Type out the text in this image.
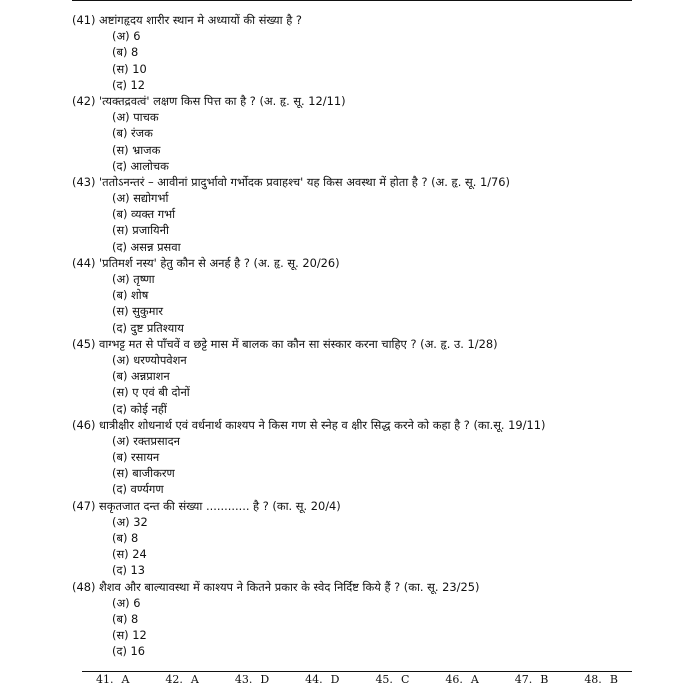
(41) अष्टांगहृदय शारीर स्थान मे अध्यायों की संख्या है ?
(अ) 6
(ब) 8
(स) 10
(द) 12
(42) 'त्यक्तद्रवत्वं' लक्षण किस पित्त का है ? (अ. हृ. सू. 12/11)
(अ) पाचक
(ब) रंजक
(स) भ्राजक
(द) आलोचक
(43) 'ततोऽनन्तरं – आवीनां प्रादुर्भावो गर्भोदक प्रवाहश्च' यह किस अवस्था में होता है ? (अ. हृ. सू. 1/76)
(अ) सद्योगर्भा
(ब) व्यक्त गर्भा
(स) प्रजायिनी
(द) असन्न प्रसवा
(44) 'प्रतिमर्श नस्य' हेतु कौन से अनर्ह है ? (अ. हृ. सू. 20/26)
(अ) तृष्णा
(ब) शोष
(स) सुकुमार
(द) दुष्ट प्रतिश्याय
(45) वाग्भट्ट मत से पाँचवें व छट्टे मास में बालक का कौन सा संस्कार करना चाहिए ? (अ. हृ. उ. 1/28)
(अ) धरण्योपवेशन
(ब) अन्नप्राशन
(स) ए एवं बी दोनों
(द) कोई नहीं
(46) धात्रीक्षीर शोधनार्थ एवं वर्धनार्थ काश्यप ने किस गण से स्नेह व क्षीर सिद्ध करने को कहा है ? (का.सू. 19/11)
(अ) रक्तप्रसादन
(ब) रसायन
(स) बाजीकरण
(द) वर्ण्यगण
(47) सकृतजात दन्त की संख्या ............ है ? (का. सू. 20/4)
(अ) 32
(ब) 8
(स) 24
(द) 13
(48) शैशव और बाल्यावस्था में काश्यप ने कितने प्रकार के स्वेद निर्दिष्ट किये हैं ? (का. सू. 23/25)
(अ) 6
(ब) 8
(स) 12
(द) 16
41. A	42. A	43. D	44. D	45. C	46. A	47. B	48. B
